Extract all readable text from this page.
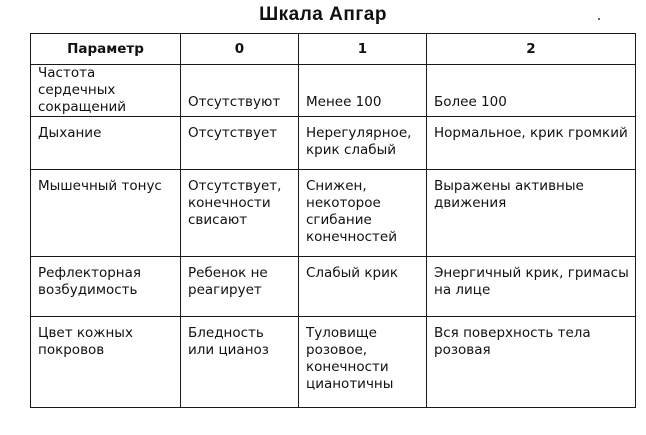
Шкала Апгар
Параметр	0	1	2
Частота сердечных сокращений	Отсутствуют	Менее 100	Более 100
Дыхание	Отсутствует	Нерегулярное, крик слабый	Нормальное, крик громкий
Мышечный тонус	Отсутствует, конечности свисают	Снижен, некоторое сгибание конечностей	Выражены активные движения
Рефлекторная возбудимость	Ребенок не реагирует	Слабый крик	Энергичный крик, гримасы на лице
Цвет кожных покровов	Бледность или цианоз	Туловище розовое, конечности цианотичны	Вся поверхность тела розовая
